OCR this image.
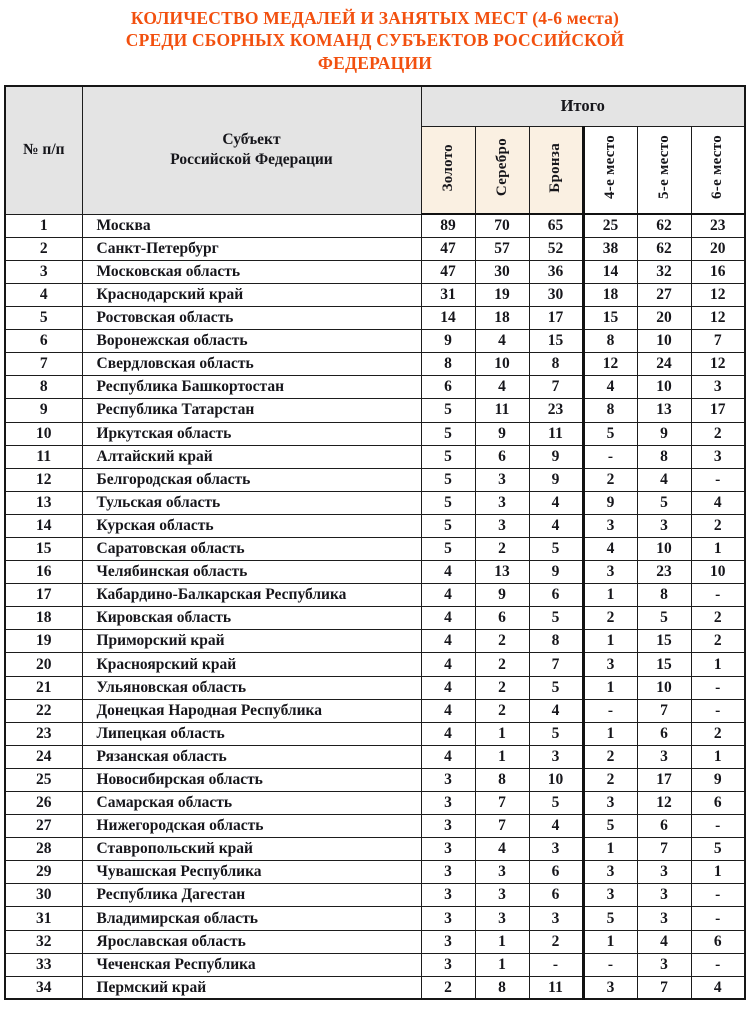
КОЛИЧЕСТВО МЕДАЛЕЙ И ЗАНЯТЫХ МЕСТ (4-6 места)
СРЕДИ СБОРНЫХ КОМАНД СУБЪЕКТОВ РОССИЙСКОЙ
ФЕДЕРАЦИИ
№ п/п	Субъект
Российской Федерации	Итого					
		Золото	Серебро	Бронза	4-е место	5-е место	6-е место
1	Москва	89	70	65	25	62	23
2	Санкт-Петербург	47	57	52	38	62	20
3	Московская область	47	30	36	14	32	16
4	Краснодарский край	31	19	30	18	27	12
5	Ростовская область	14	18	17	15	20	12
6	Воронежская область	9	4	15	8	10	7
7	Свердловская область	8	10	8	12	24	12
8	Республика Башкортостан	6	4	7	4	10	3
9	Республика Татарстан	5	11	23	8	13	17
10	Иркутская область	5	9	11	5	9	2
11	Алтайский край	5	6	9	-	8	3
12	Белгородская область	5	3	9	2	4	-
13	Тульская область	5	3	4	9	5	4
14	Курская область	5	3	4	3	3	2
15	Саратовская область	5	2	5	4	10	1
16	Челябинская область	4	13	9	3	23	10
17	Кабардино-Балкарская Республика	4	9	6	1	8	-
18	Кировская область	4	6	5	2	5	2
19	Приморский край	4	2	8	1	15	2
20	Красноярский край	4	2	7	3	15	1
21	Ульяновская область	4	2	5	1	10	-
22	Донецкая Народная Республика	4	2	4	-	7	-
23	Липецкая область	4	1	5	1	6	2
24	Рязанская область	4	1	3	2	3	1
25	Новосибирская область	3	8	10	2	17	9
26	Самарская область	3	7	5	3	12	6
27	Нижегородская область	3	7	4	5	6	-
28	Ставропольский край	3	4	3	1	7	5
29	Чувашская Республика	3	3	6	3	3	1
30	Республика Дагестан	3	3	6	3	3	-
31	Владимирская область	3	3	3	5	3	-
32	Ярославская область	3	1	2	1	4	6
33	Чеченская Республика	3	1	-	-	3	-
34	Пермский край	2	8	11	3	7	4
